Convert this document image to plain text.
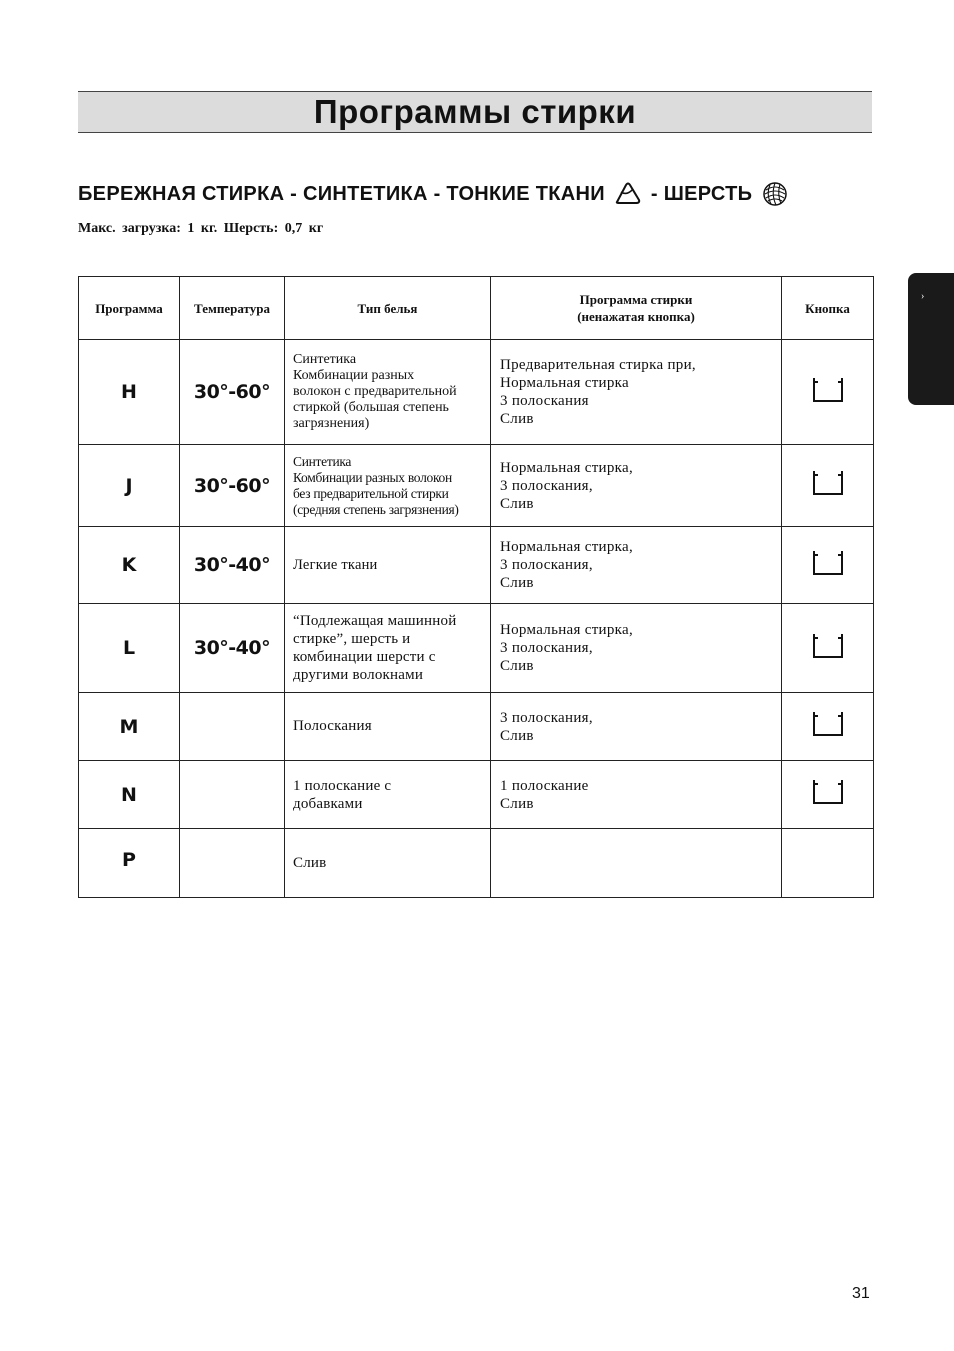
Программы стирки
БЕРЕЖНАЯ СТИРКА - СИНТЕТИКА - ТОНКИЕ ТКАНИ - ШЕРСТЬ
Макс. загрузка: 1 кг. Шерсть: 0,7 кг
Программа	Температура	Тип белья	Программа стирки
(ненажатая кнопка)	Кнопка
H	30°-60°	Синтетика
Комбинации разных
волокон с предварительной
стиркой (большая степень
загрязнения)	Предварительная стирка при,
Нормальная стирка
3 полоскания
Слив

J	30°-60°	Синтетика
Комбинации разных волокон
без предварительной стирки
(средняя степень загрязнения)	Нормальная стирка,
3 полоскания,
Слив

K	30°-40°	Легкие ткани	Нормальная стирка,
3 полоскания,
Слив

L	30°-40°	“Подлежащая машинной
стирке”, шерсть и
комбинации шерсти с
другими волокнами	Нормальная стирка,
3 полоскания,
Слив

M		Полоскания	3 полоскания,
Слив

N		1 полоскание с
добавками	1 полоскание
Слив

P		Слив		

›
31
